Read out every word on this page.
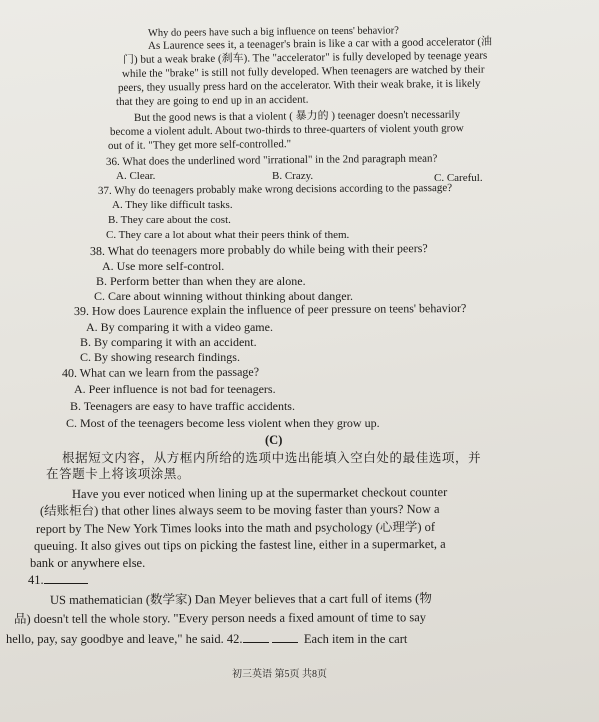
Why do peers have such a big influence on teens' behavior?
As Laurence sees it, a teenager's brain is like a car with a good accelerator (油
门) but a weak brake (刹车). The "accelerator" is fully developed by teenage years
while the "brake" is still not fully developed. When teenagers are watched by their
peers, they usually press hard on the accelerator. With their weak brake, it is likely
that they are going to end up in an accident.
But the good news is that a violent ( 暴力的 ) teenager doesn't necessarily
become a violent adult. About two-thirds to three-quarters of violent youth grow
out of it. "They get more self-controlled."
36. What does the underlined word "irrational" in the 2nd paragraph mean?
A. Clear.	B. Crazy.	C. Careful.
37. Why do teenagers probably make wrong decisions according to the passage?
A. They like difficult tasks.
B. They care about the cost.
C. They care a lot about what their peers think of them.
38. What do teenagers more probably do while being with their peers?
A. Use more self-control.
B. Perform better than when they are alone.
C. Care about winning without thinking about danger.
39. How does Laurence explain the influence of peer pressure on teens' behavior?
A. By comparing it with a video game.
B. By comparing it with an accident.
C. By showing research findings.
40. What can we learn from the passage?
A. Peer influence is not bad for teenagers.
B. Teenagers are easy to have traffic accidents.
C. Most of the teenagers become less violent when they grow up.
(C)
根据短文内容，从方框内所给的选项中选出能填入空白处的最佳选项，并
在答题卡上将该项涂黑。
Have you ever noticed when lining up at the supermarket checkout counter
(结账柜台) that other lines always seem to be moving faster than yours? Now a
report by The New York Times looks into the math and psychology (心理学) of
queuing. It also gives out tips on picking the fastest line, either in a supermarket, a
bank or anywhere else.
41.
US mathematician (数学家) Dan Meyer believes that a cart full of items (物
品) doesn't tell the whole story. "Every person needs a fixed amount of time to say
hello, pay, say goodbye and leave," he said. 42.	Each item in the cart
初三英语 第5页 共8页
